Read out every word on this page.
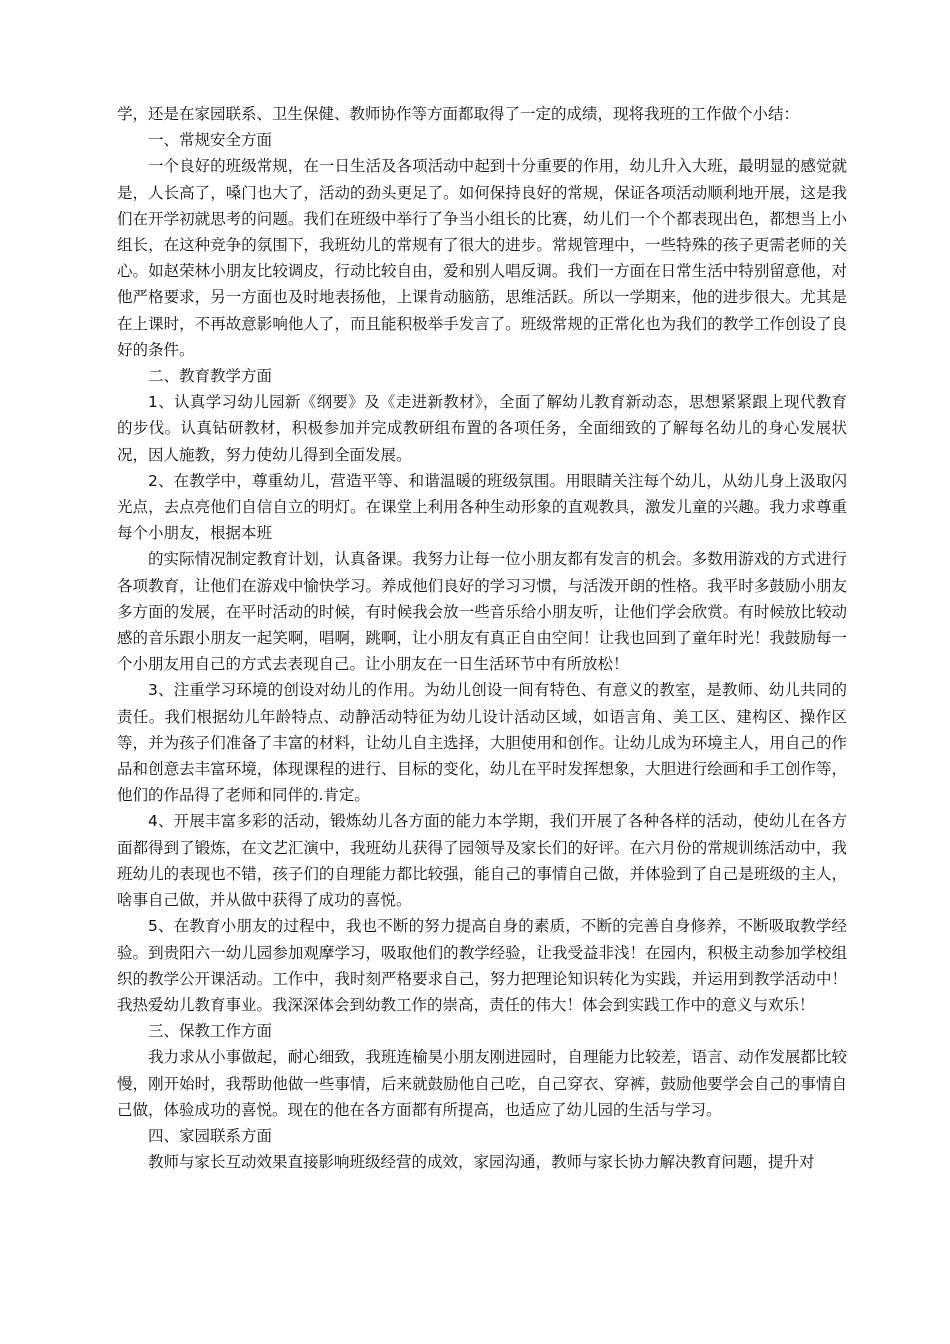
学，还是在家园联系、卫生保健、教师协作等方面都取得了一定的成绩，现将我班的工作做个小结：

一、常规安全方面

一个良好的班级常规，在一日生活及各项活动中起到十分重要的作用，幼儿升入大班，最明显的感觉就是，人长高了，嗓门也大了，活动的劲头更足了。如何保持良好的常规，保证各项活动顺利地开展，这是我们在开学初就思考的问题。我们在班级中举行了争当小组长的比赛，幼儿们一个个都表现出色，都想当上小组长，在这种竞争的氛围下，我班幼儿的常规有了很大的进步。常规管理中，一些特殊的孩子更需老师的关心。如赵荣林小朋友比较调皮，行动比较自由，爱和别人唱反调。我们一方面在日常生活中特别留意他，对他严格要求，另一方面也及时地表扬他，上课肯动脑筋，思维活跃。所以一学期来，他的进步很大。尤其是在上课时，不再故意影响他人了，而且能积极举手发言了。班级常规的正常化也为我们的教学工作创设了良好的条件。

二、教育教学方面

1、认真学习幼儿园新《纲要》及《走进新教材》，全面了解幼儿教育新动态，思想紧紧跟上现代教育的步伐。认真钻研教材，积极参加并完成教研组布置的各项任务，全面细致的了解每名幼儿的身心发展状况，因人施教，努力使幼儿得到全面发展。

2、在教学中，尊重幼儿，营造平等、和谐温暖的班级氛围。用眼睛关注每个幼儿，从幼儿身上汲取闪光点，去点亮他们自信自立的明灯。在课堂上利用各种生动形象的直观教具，激发儿童的兴趣。我力求尊重每个小朋友，根据本班

的实际情况制定教育计划，认真备课。我努力让每一位小朋友都有发言的机会。多数用游戏的方式进行各项教育，让他们在游戏中愉快学习。养成他们良好的学习习惯，与活泼开朗的性格。我平时多鼓励小朋友多方面的发展，在平时活动的时候，有时候我会放一些音乐给小朋友听，让他们学会欣赏。有时候放比较动感的音乐跟小朋友一起笑啊，唱啊，跳啊，让小朋友有真正自由空间！让我也回到了童年时光！我鼓励每一个小朋友用自己的方式去表现自己。让小朋友在一日生活环节中有所放松！

3、注重学习环境的创设对幼儿的作用。为幼儿创设一间有特色、有意义的教室，是教师、幼儿共同的责任。我们根据幼儿年龄特点、动静活动特征为幼儿设计活动区域，如语言角、美工区、建构区、操作区等，并为孩子们准备了丰富的材料，让幼儿自主选择，大胆使用和创作。让幼儿成为环境主人，用自己的作品和创意去丰富环境，体现课程的进行、目标的变化，幼儿在平时发挥想象，大胆进行绘画和手工创作等，他们的作品得了老师和同伴的.肯定。

4、开展丰富多彩的活动，锻炼幼儿各方面的能力本学期，我们开展了各种各样的活动，使幼儿在各方面都得到了锻炼，在文艺汇演中，我班幼儿获得了园领导及家长们的好评。在六月份的常规训练活动中，我班幼儿的表现也不错，孩子们的自理能力都比较强，能自己的事情自己做，并体验到了自己是班级的主人，啥事自己做，并从做中获得了成功的喜悦。

5、在教育小朋友的过程中，我也不断的努力提高自身的素质，不断的完善自身修养，不断吸取教学经验。到贵阳六一幼儿园参加观摩学习，吸取他们的教学经验，让我受益非浅！在园内，积极主动参加学校组织的教学公开课活动。工作中，我时刻严格要求自己，努力把理论知识转化为实践，并运用到教学活动中！我热爱幼儿教育事业。我深深体会到幼教工作的崇高，责任的伟大！体会到实践工作中的意义与欢乐！

三、保教工作方面

我力求从小事做起，耐心细致，我班连榆昊小朋友刚进园时，自理能力比较差，语言、动作发展都比较慢，刚开始时，我帮助他做一些事情，后来就鼓励他自己吃，自己穿衣、穿裤，鼓励他要学会自己的事情自己做，体验成功的喜悦。现在的他在各方面都有所提高，也适应了幼儿园的生活与学习。

四、家园联系方面

教师与家长互动效果直接影响班级经营的成效，家园沟通，教师与家长协力解决教育问题，提升对
